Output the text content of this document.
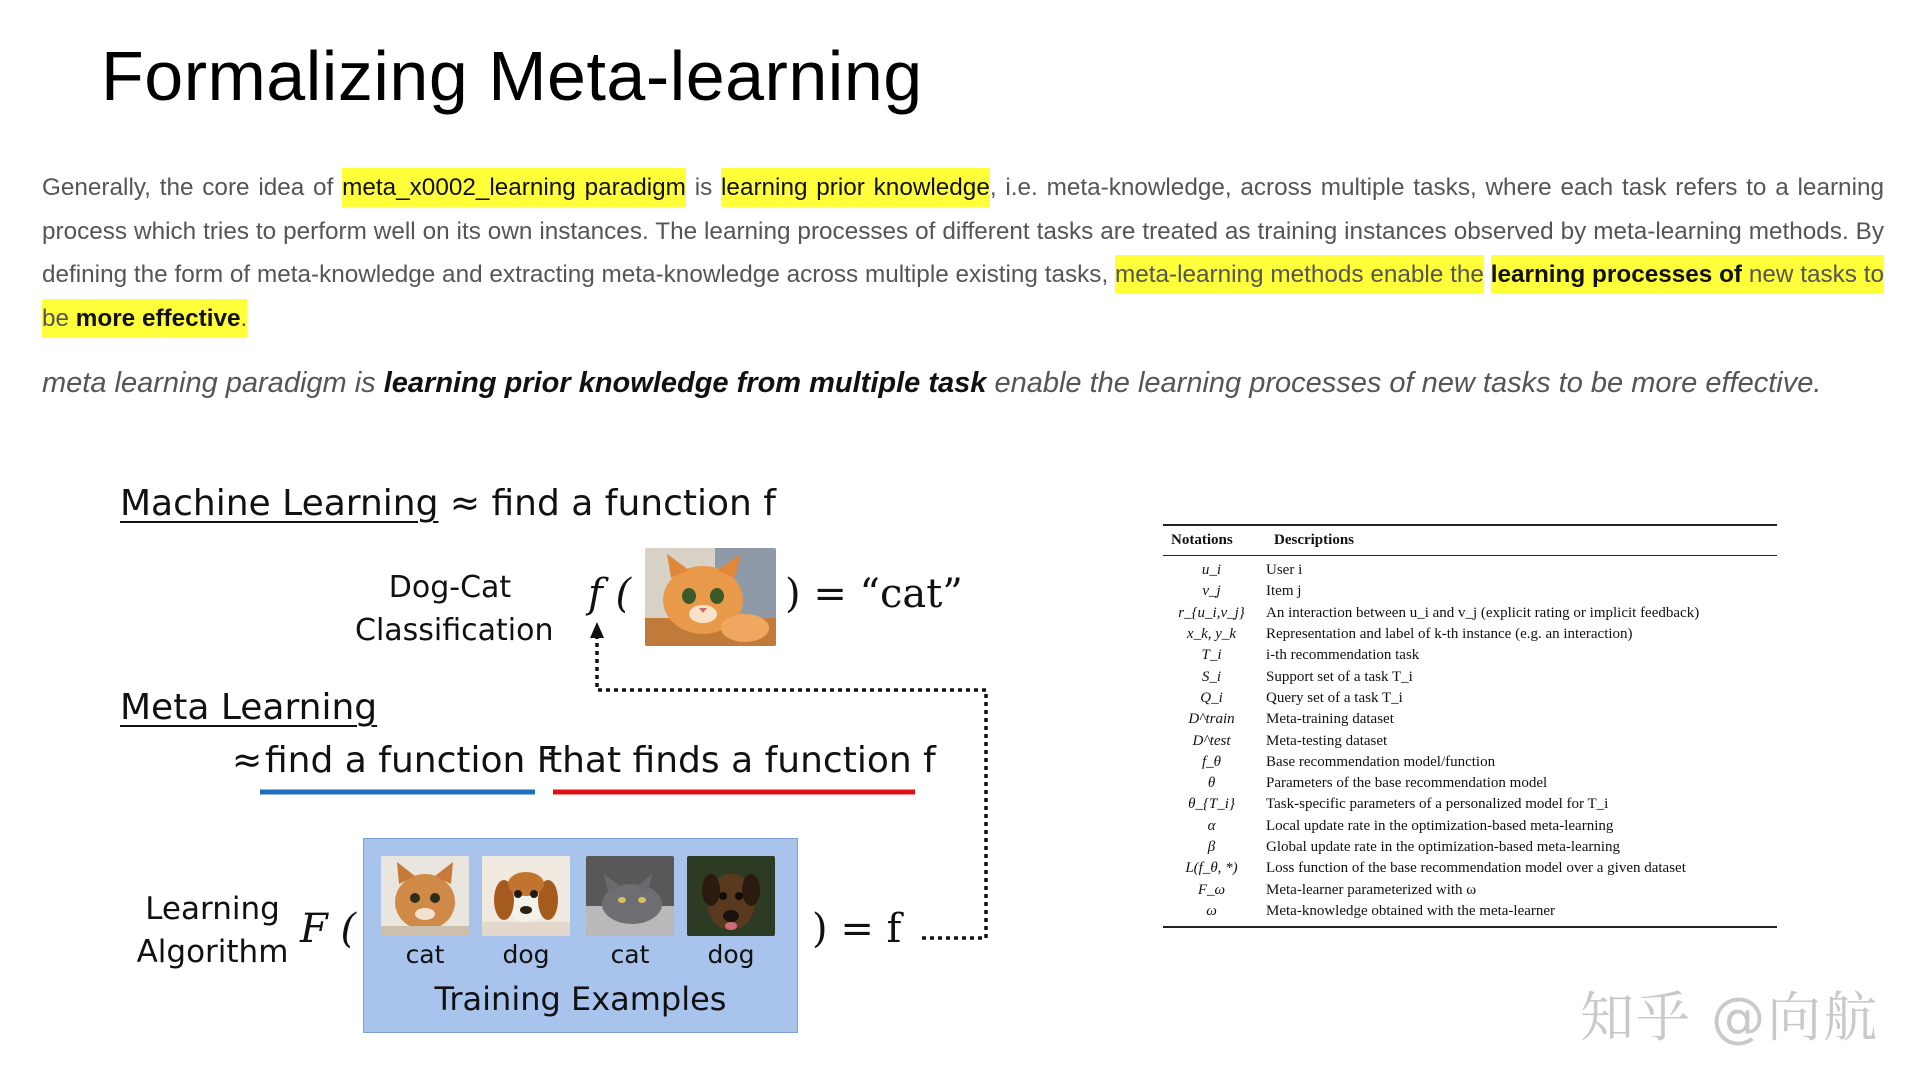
Formalizing Meta-learning

Generally, the core idea of meta_x0002_learning paradigm is learning prior knowledge, i.e. meta-knowledge, across multiple tasks, where each task refers to a learning process which tries to perform well on its own instances. The learning processes of different tasks are treated as training instances observed by meta-learning methods. By defining the form of meta-knowledge and extracting meta-knowledge across multiple existing tasks, meta-learning methods enable the learning processes of new tasks to be more effective.

meta learning paradigm is learning prior knowledge from multiple task enable the learning processes of new tasks to be more effective.

Machine Learning ≈ find a function f
Dog-Cat
Classification
f (	) = “cat”
Meta Learning
≈ find a function F
that finds a function f
Learning
Algorithm F (
cat	dog	cat	dog
Training Examples
) = f
Notations	Descriptions
u_i	User i
v_j	Item j
r_{u_i,v_j}	An interaction between u_i and v_j (explicit rating or implicit feedback)
x_k, y_k	Representation and label of k-th instance (e.g. an interaction)
T_i	i-th recommendation task
S_i	Support set of a task T_i
Q_i	Query set of a task T_i
D^train	Meta-training dataset
D^test	Meta-testing dataset
f_θ	Base recommendation model/function
θ	Parameters of the base recommendation model
θ_{T_i}	Task-specific parameters of a personalized model for T_i
α	Local update rate in the optimization-based meta-learning
β	Global update rate in the optimization-based meta-learning
L(f_θ, *)	Loss function of the base recommendation model over a given dataset
F_ω	Meta-learner parameterized with ω
ω	Meta-knowledge obtained with the meta-learner
知乎 @向航
